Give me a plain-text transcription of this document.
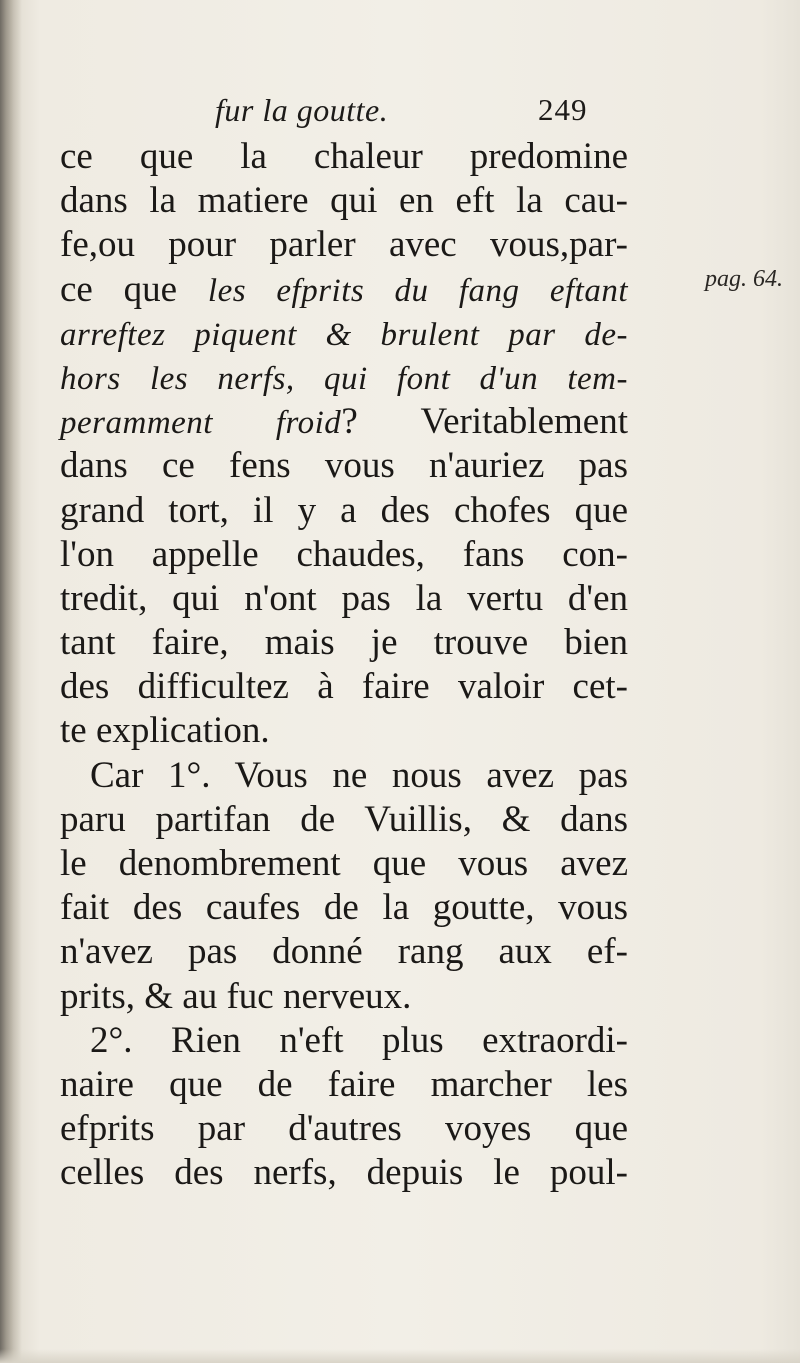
fur la goutte.	249
pag. 64.
ce que la chaleur predomine
dans la matiere qui en eft la cau-
fe,ou pour parler avec vous,par-
ce que les efprits du fang eftant
arreftez piquent & brulent par de-
hors les nerfs, qui font d'un tem-
peramment froid? Veritablement
dans ce fens vous n'auriez pas
grand tort, il y a des chofes que
l'on appelle chaudes, fans con-
tredit, qui n'ont pas la vertu d'en
tant faire, mais je trouve bien
des difficultez à faire valoir cet-
te explication.
Car 1°. Vous ne nous avez pas
paru partifan de Vuillis, & dans
le denombrement que vous avez
fait des caufes de la goutte, vous
n'avez pas donné rang aux ef-
prits, & au fuc nerveux.
2°. Rien n'eft plus extraordi-
naire que de faire marcher les
efprits par d'autres voyes que
celles des nerfs, depuis le poul-
